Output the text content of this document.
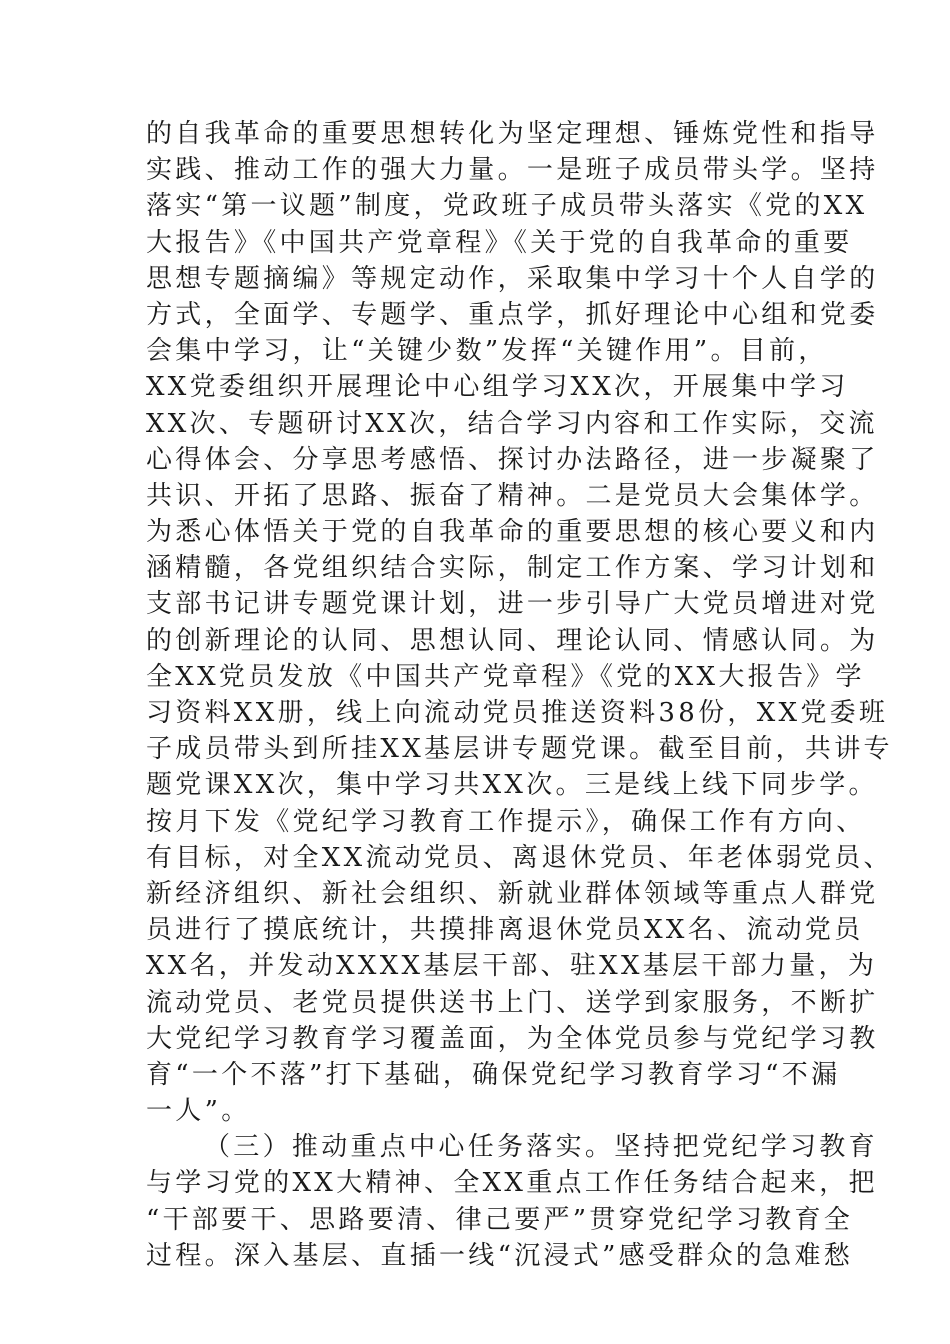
的自我革命的重要思想转化为坚定理想、锤炼党性和指导
实践、推动工作的强大力量。一是班子成员带头学。坚持
落实“第一议题”制度，党政班子成员带头落实《党的XX
大报告》《中国共产党章程》《关于党的自我革命的重要
思想专题摘编》等规定动作，采取集中学习十个人自学的
方式，全面学、专题学、重点学，抓好理论中心组和党委
会集中学习，让“关键少数”发挥“关键作用”。目前，
XX党委组织开展理论中心组学习XX次，开展集中学习
XX次、专题研讨XX次，结合学习内容和工作实际，交流
心得体会、分享思考感悟、探讨办法路径，进一步凝聚了
共识、开拓了思路、振奋了精神。二是党员大会集体学。
为悉心体悟关于党的自我革命的重要思想的核心要义和内
涵精髓，各党组织结合实际，制定工作方案、学习计划和
支部书记讲专题党课计划，进一步引导广大党员增进对党
的创新理论的认同、思想认同、理论认同、情感认同。为
全XX党员发放《中国共产党章程》《党的XX大报告》学
习资料XX册，线上向流动党员推送资料38份，XX党委班
子成员带头到所挂XX基层讲专题党课。截至目前，共讲专
题党课XX次，集中学习共XX次。三是线上线下同步学。
按月下发《党纪学习教育工作提示》，确保工作有方向、
有目标，对全XX流动党员、离退休党员、年老体弱党员、
新经济组织、新社会组织、新就业群体领域等重点人群党
员进行了摸底统计，共摸排离退休党员XX名、流动党员
XX名，并发动XXXX基层干部、驻XX基层干部力量，为
流动党员、老党员提供送书上门、送学到家服务，不断扩
大党纪学习教育学习覆盖面，为全体党员参与党纪学习教
育“一个不落”打下基础，确保党纪学习教育学习“不漏
一人”。
（三）推动重点中心任务落实。坚持把党纪学习教育
与学习党的XX大精神、全XX重点工作任务结合起来，把
“干部要干、思路要清、律己要严”贯穿党纪学习教育全
过程。深入基层、直插一线“沉浸式”感受群众的急难愁
